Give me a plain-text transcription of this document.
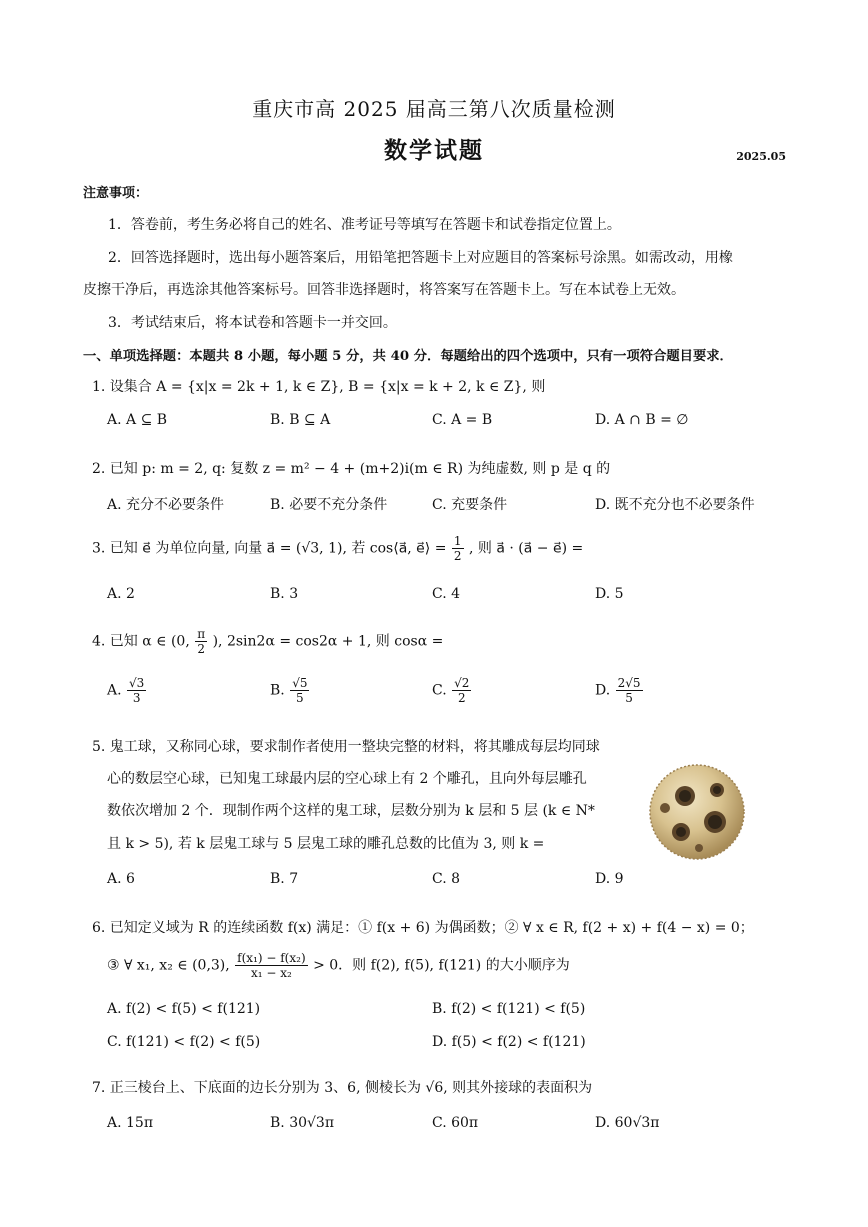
重庆市高 2025 届高三第八次质量检测
数学试题	2025.05
注意事项：
1．答卷前，考生务必将自己的姓名、准考证号等填写在答题卡和试卷指定位置上。
2．回答选择题时，选出每小题答案后，用铅笔把答题卡上对应题目的答案标号涂黑。如需改动，用橡
皮擦干净后，再选涂其他答案标号。回答非选择题时，将答案写在答题卡上。写在本试卷上无效。
3．考试结束后，将本试卷和答题卡一并交回。
一、单项选择题：本题共 8 小题，每小题 5 分，共 40 分．每题给出的四个选项中，只有一项符合题目要求．
1. 设集合 A = {x|x = 2k + 1, k ∈ Z}, B = {x|x = k + 2, k ∈ Z}, 则
A. A ⊆ B	B. B ⊆ A	C. A = B	D. A ∩ B = ∅
2. 已知 p: m = 2, q: 复数 z = m² − 4 + (m+2)i(m ∈ R) 为纯虚数, 则 p 是 q 的
A. 充分不必要条件	B. 必要不充分条件	C. 充要条件	D. 既不充分也不必要条件
3. 已知 e⃗ 为单位向量, 向量 a⃗ = (√3, 1), 若 cos⟨a⃗, e⃗⟩ = $\frac{1}{2}$ , 则 a⃗ · (a⃗ − e⃗) =
A. 2	B. 3	C. 4	D. 5
4. 已知 α ∈ (0, $\frac{\pi}{2}$ ), 2sin2α = cos2α + 1, 则 cosα =
A. $\frac{√3}{3}$	B. $\frac{√5}{5}$	C. $\frac{√2}{2}$	D. $\frac{2√5}{5}$
5. 鬼工球，又称同心球，要求制作者使用一整块完整的材料，将其雕成每层均同球
心的数层空心球，已知鬼工球最内层的空心球上有 2 个雕孔，且向外每层雕孔
数依次增加 2 个．现制作两个这样的鬼工球，层数分别为 k 层和 5 层 (k ∈ N*
且 k > 5), 若 k 层鬼工球与 5 层鬼工球的雕孔总数的比值为 3, 则 k =
A. 6	B. 7	C. 8	D. 9
6. 已知定义域为 R 的连续函数 f(x) 满足：① f(x + 6) 为偶函数；② ∀ x ∈ R, f(2 + x) + f(4 − x) = 0；
③ ∀ x₁, x₂ ∈ (0,3), $\frac{\text{f(x₁) − f(x₂)}}{\text{x₁ − x₂}} > 0$．则 f(2), f(5), f(121) 的大小顺序为
A. f(2) < f(5) < f(121)	B. f(2) < f(121) < f(5)
C. f(121) < f(2) < f(5)	D. f(5) < f(2) < f(121)
7. 正三棱台上、下底面的边长分别为 3、6, 侧棱长为 √6, 则其外接球的表面积为
A. 15π	B. 30√3π	C. 60π	D. 60√3π
